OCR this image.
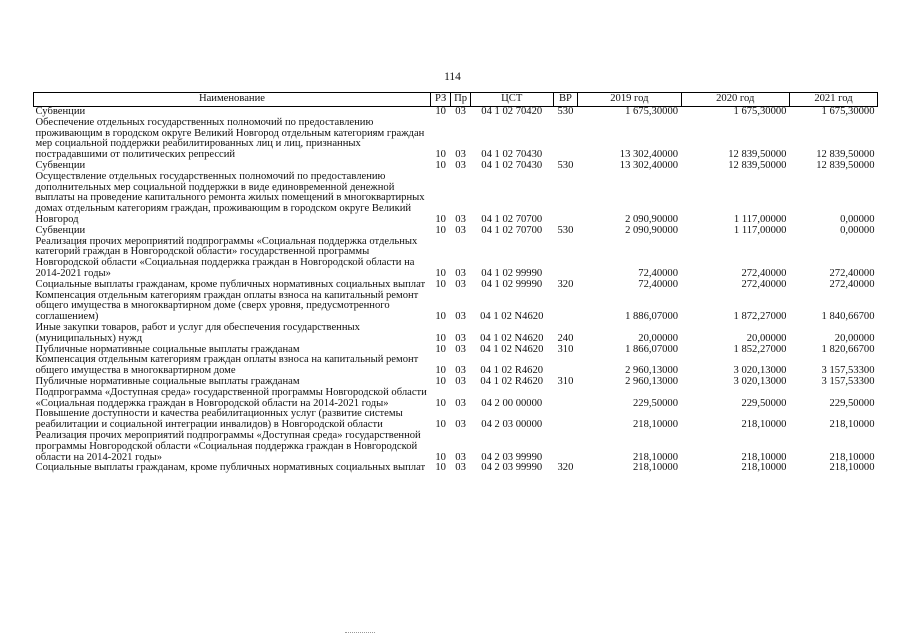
114
Наименование	РЗ	Пр	ЦСТ	ВР	2019 год	2020 год	2021 год
Субвенции	10	03	04 1 02 70420	530	1 675,30000	1 675,30000	1 675,30000
Обеспечение отдельных государственных полномочий по предоставлению проживающим в городском округе Великий Новгород отдельным категориям граждан мер социальной поддержки реабилитированных лиц и лиц, признанных пострадавшими от политических репрессий	10	03	04 1 02 70430		13 302,40000	12 839,50000	12 839,50000
Субвенции	10	03	04 1 02 70430	530	13 302,40000	12 839,50000	12 839,50000
Осуществление отдельных государственных полномочий по предоставлению дополнительных мер социальной поддержки в виде единовременной денежной выплаты на проведение капитального ремонта жилых помещений в многоквартирных домах отдельным категориям граждан, проживающим в городском округе Великий Новгород	10	03	04 1 02 70700		2 090,90000	1 117,00000	0,00000
Субвенции	10	03	04 1 02 70700	530	2 090,90000	1 117,00000	0,00000
Реализация прочих мероприятий подпрограммы «Социальная поддержка отдельных категорий граждан в Новгородской области» государственной программы Новгородской области «Социальная поддержка граждан в Новгородской области на 2014-2021 годы»	10	03	04 1 02 99990		72,40000	272,40000	272,40000
Социальные выплаты гражданам, кроме публичных нормативных социальных выплат	10	03	04 1 02 99990	320	72,40000	272,40000	272,40000
Компенсация отдельным категориям граждан оплаты взноса на капитальный ремонт общего имущества в многоквартирном доме (сверх уровня, предусмотренного соглашением)	10	03	04 1 02 N4620		1 886,07000	1 872,27000	1 840,66700
Иные закупки товаров, работ и услуг для обеспечения государственных (муниципальных) нужд	10	03	04 1 02 N4620	240	20,00000	20,00000	20,00000
Публичные нормативные социальные выплаты гражданам	10	03	04 1 02 N4620	310	1 866,07000	1 852,27000	1 820,66700
Компенсация отдельным категориям граждан оплаты взноса на капитальный ремонт общего имущества в многоквартирном доме	10	03	04 1 02 R4620		2 960,13000	3 020,13000	3 157,53300
Публичные нормативные социальные выплаты гражданам	10	03	04 1 02 R4620	310	2 960,13000	3 020,13000	3 157,53300
Подпрограмма «Доступная среда» государственной программы Новгородской области «Социальная поддержка граждан в Новгородской области на 2014-2021 годы»	10	03	04 2 00 00000		229,50000	229,50000	229,50000
Повышение доступности и качества реабилитационных услуг (развитие системы реабилитации и социальной интеграции инвалидов) в Новгородской области	10	03	04 2 03 00000		218,10000	218,10000	218,10000
Реализация прочих мероприятий подпрограммы «Доступная среда» государственной программы Новгородской области «Социальная поддержка граждан в Новгородской области на 2014-2021 годы»	10	03	04 2 03 99990		218,10000	218,10000	218,10000
Социальные выплаты гражданам, кроме публичных нормативных социальных выплат	10	03	04 2 03 99990	320	218,10000	218,10000	218,10000
